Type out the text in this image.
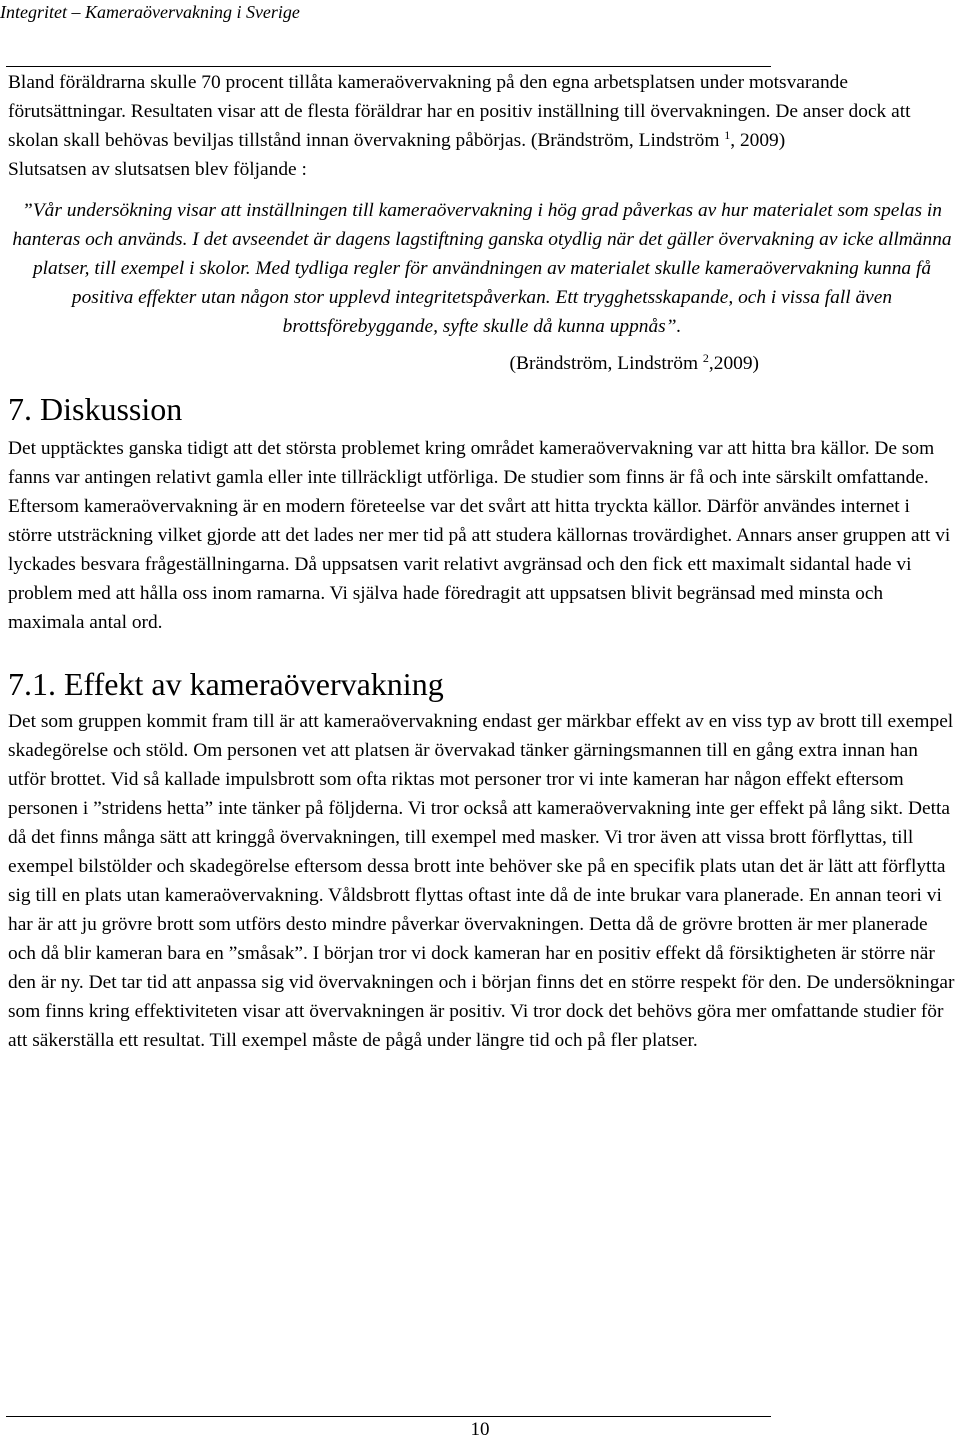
Integritet – Kameraövervakning i Sverige

Bland föräldrarna skulle 70 procent tillåta kameraövervakning på den egna arbetsplatsen under motsvarande förutsättningar. Resultaten visar att de flesta föräldrar har en positiv inställning till övervakningen. De anser dock att skolan skall behövas beviljas tillstånd innan övervakning påbörjas. (Brändström, Lindström $^1$, 2009)

Slutsatsen av slutsatsen blev följande :

”Vår undersökning visar att inställningen till kameraövervakning i hög grad påverkas av hur materialet som spelas in hanteras och används. I det avseendet är dagens lagstiftning ganska otydlig när det gäller övervakning av icke allmänna platser, till exempel i skolor. Med tydliga regler för användningen av materialet skulle kameraövervakning kunna få positiva effekter utan någon stor upplevd integritetspåverkan. Ett trygghetsskapande, och i vissa fall även brottsförebyggande, syfte skulle då kunna uppnås”.

(Brändström, Lindström $^2$,2009)

7. Diskussion

Det upptäcktes ganska tidigt att det största problemet kring området kameraövervakning var att hitta bra källor. De som fanns var antingen relativt gamla eller inte tillräckligt utförliga. De studier som finns är få och inte särskilt omfattande. Eftersom kameraövervakning är en modern företeelse var det svårt att hitta tryckta källor. Därför användes internet i större utsträckning vilket gjorde att det lades ner mer tid på att studera källornas trovärdighet. Annars anser gruppen att vi lyckades besvara frågeställningarna. Då uppsatsen varit relativt avgränsad och den fick ett maximalt sidantal hade vi problem med att hålla oss inom ramarna. Vi själva hade föredragit att uppsatsen blivit begränsad med minsta och maximala antal ord.

7.1. Effekt av kameraövervakning

Det som gruppen kommit fram till är att kameraövervakning endast ger märkbar effekt av en viss typ av brott till exempel skadegörelse och stöld. Om personen vet att platsen är övervakad tänker gärningsmannen till en gång extra innan han utför brottet. Vid så kallade impulsbrott som ofta riktas mot personer tror vi inte kameran har någon effekt eftersom personen i ”stridens hetta” inte tänker på följderna. Vi tror också att kameraövervakning inte ger effekt på lång sikt. Detta då det finns många sätt att kringgå övervakningen, till exempel med masker. Vi tror även att vissa brott förflyttas, till exempel bilstölder och skadegörelse eftersom dessa brott inte behöver ske på en specifik plats utan det är lätt att förflytta sig till en plats utan kameraövervakning. Våldsbrott flyttas oftast inte då de inte brukar vara planerade. En annan teori vi har är att ju grövre brott som utförs desto mindre påverkar övervakningen. Detta då de grövre brotten är mer planerade och då blir kameran bara en ”småsak”. I början tror vi dock kameran har en positiv effekt då försiktigheten är större när den är ny. Det tar tid att anpassa sig vid övervakningen och i början finns det en större respekt för den. De undersökningar som finns kring effektiviteten visar att övervakningen är positiv. Vi tror dock det behövs göra mer omfattande studier för att säkerställa ett resultat. Till exempel måste de pågå under längre tid och på fler platser.

10
